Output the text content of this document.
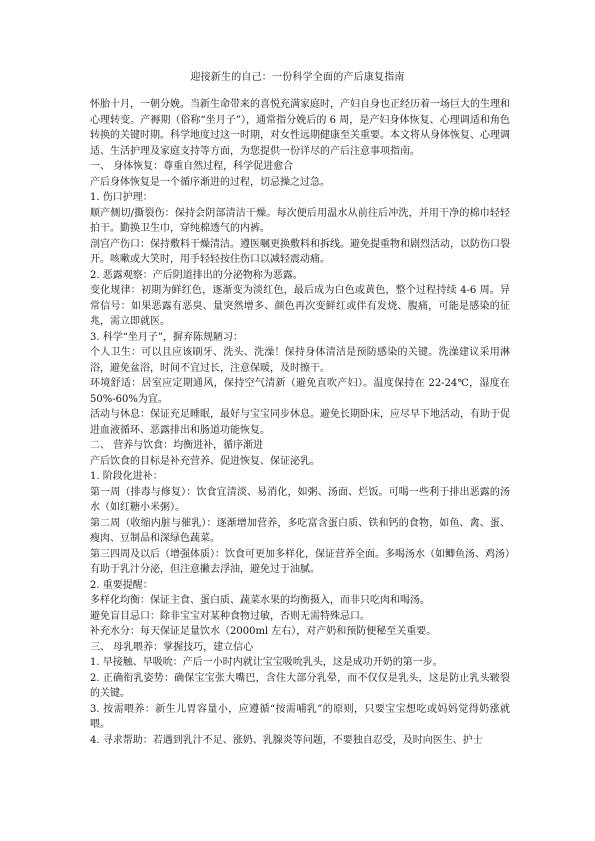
迎接新生的自己：一份科学全面的产后康复指南

怀胎十月，一朝分娩。当新生命带来的喜悦充满家庭时，产妇自身也正经历着一场巨大的生理和心理转变。产褥期（俗称“坐月子”），通常指分娩后的 6 周，是产妇身体恢复、心理调适和角色转换的关键时期。科学地度过这一时期，对女性远期健康至关重要。本文将从身体恢复、心理调适、生活护理及家庭支持等方面，为您提供一份详尽的产后注意事项指南。

一、 身体恢复：尊重自然过程，科学促进愈合

产后身体恢复是一个循序渐进的过程，切忌操之过急。

1. 伤口护理：

顺产侧切/撕裂伤：保持会阴部清洁干燥。每次便后用温水从前往后冲洗，并用干净的棉巾轻轻拍干。勤换卫生巾，穿纯棉透气的内裤。

剖宫产伤口：保持敷料干燥清洁。遵医嘱更换敷料和拆线。避免提重物和剧烈活动，以防伤口裂开。咳嗽或大笑时，用手轻轻按住伤口以减轻震动痛。

2. 恶露观察：产后阴道排出的分泌物称为恶露。

变化规律：初期为鲜红色，逐渐变为淡红色，最后成为白色或黄色，整个过程持续 4-6 周。异常信号：如果恶露有恶臭、量突然增多、颜色再次变鲜红或伴有发烧、腹痛，可能是感染的征兆，需立即就医。

3. 科学“坐月子”，摒弃陈规陋习：

个人卫生：可以且应该刷牙、洗头、洗澡！保持身体清洁是预防感染的关键。洗澡建议采用淋浴，避免盆浴，时间不宜过长，注意保暖，及时擦干。

环境舒适：居室应定期通风，保持空气清新（避免直吹产妇）。温度保持在 22-24℃，湿度在 50%-60%为宜。

活动与休息：保证充足睡眠，最好与宝宝同步休息。避免长期卧床，应尽早下地活动，有助于促进血液循环、恶露排出和肠道功能恢复。

二、 营养与饮食：均衡进补，循序渐进

产后饮食的目标是补充营养、促进恢复、保证泌乳。

1. 阶段化进补：

第一周（排毒与修复）：饮食宜清淡、易消化，如粥、汤面、烂饭。可喝一些利于排出恶露的汤水（如红糖小米粥）。

第二周（收缩内脏与催乳）：逐渐增加营养，多吃富含蛋白质、铁和钙的食物，如鱼、禽、蛋、瘦肉、豆制品和深绿色蔬菜。

第三四周及以后（增强体质）：饮食可更加多样化，保证营养全面。多喝汤水（如鲫鱼汤、鸡汤）有助于乳汁分泌，但注意撇去浮油，避免过于油腻。

2. 重要提醒：

多样化均衡：保证主食、蛋白质、蔬菜水果的均衡摄入，而非只吃肉和喝汤。

避免盲目忌口：除非宝宝对某种食物过敏，否则无需特殊忌口。

补充水分：每天保证足量饮水（2000ml 左右），对产奶和预防便秘至关重要。

三、 母乳喂养：掌握技巧，建立信心

1. 早接触、早吸吮：产后一小时内就让宝宝吸吮乳头，这是成功开奶的第一步。

2. 正确衔乳姿势：确保宝宝张大嘴巴，含住大部分乳晕，而不仅仅是乳头，这是防止乳头皲裂的关键。

3. 按需喂养：新生儿胃容量小，应遵循“按需哺乳”的原则，只要宝宝想吃或妈妈觉得奶涨就喂。

4. 寻求帮助：若遇到乳汁不足、涨奶、乳腺炎等问题，不要独自忍受，及时向医生、护士
